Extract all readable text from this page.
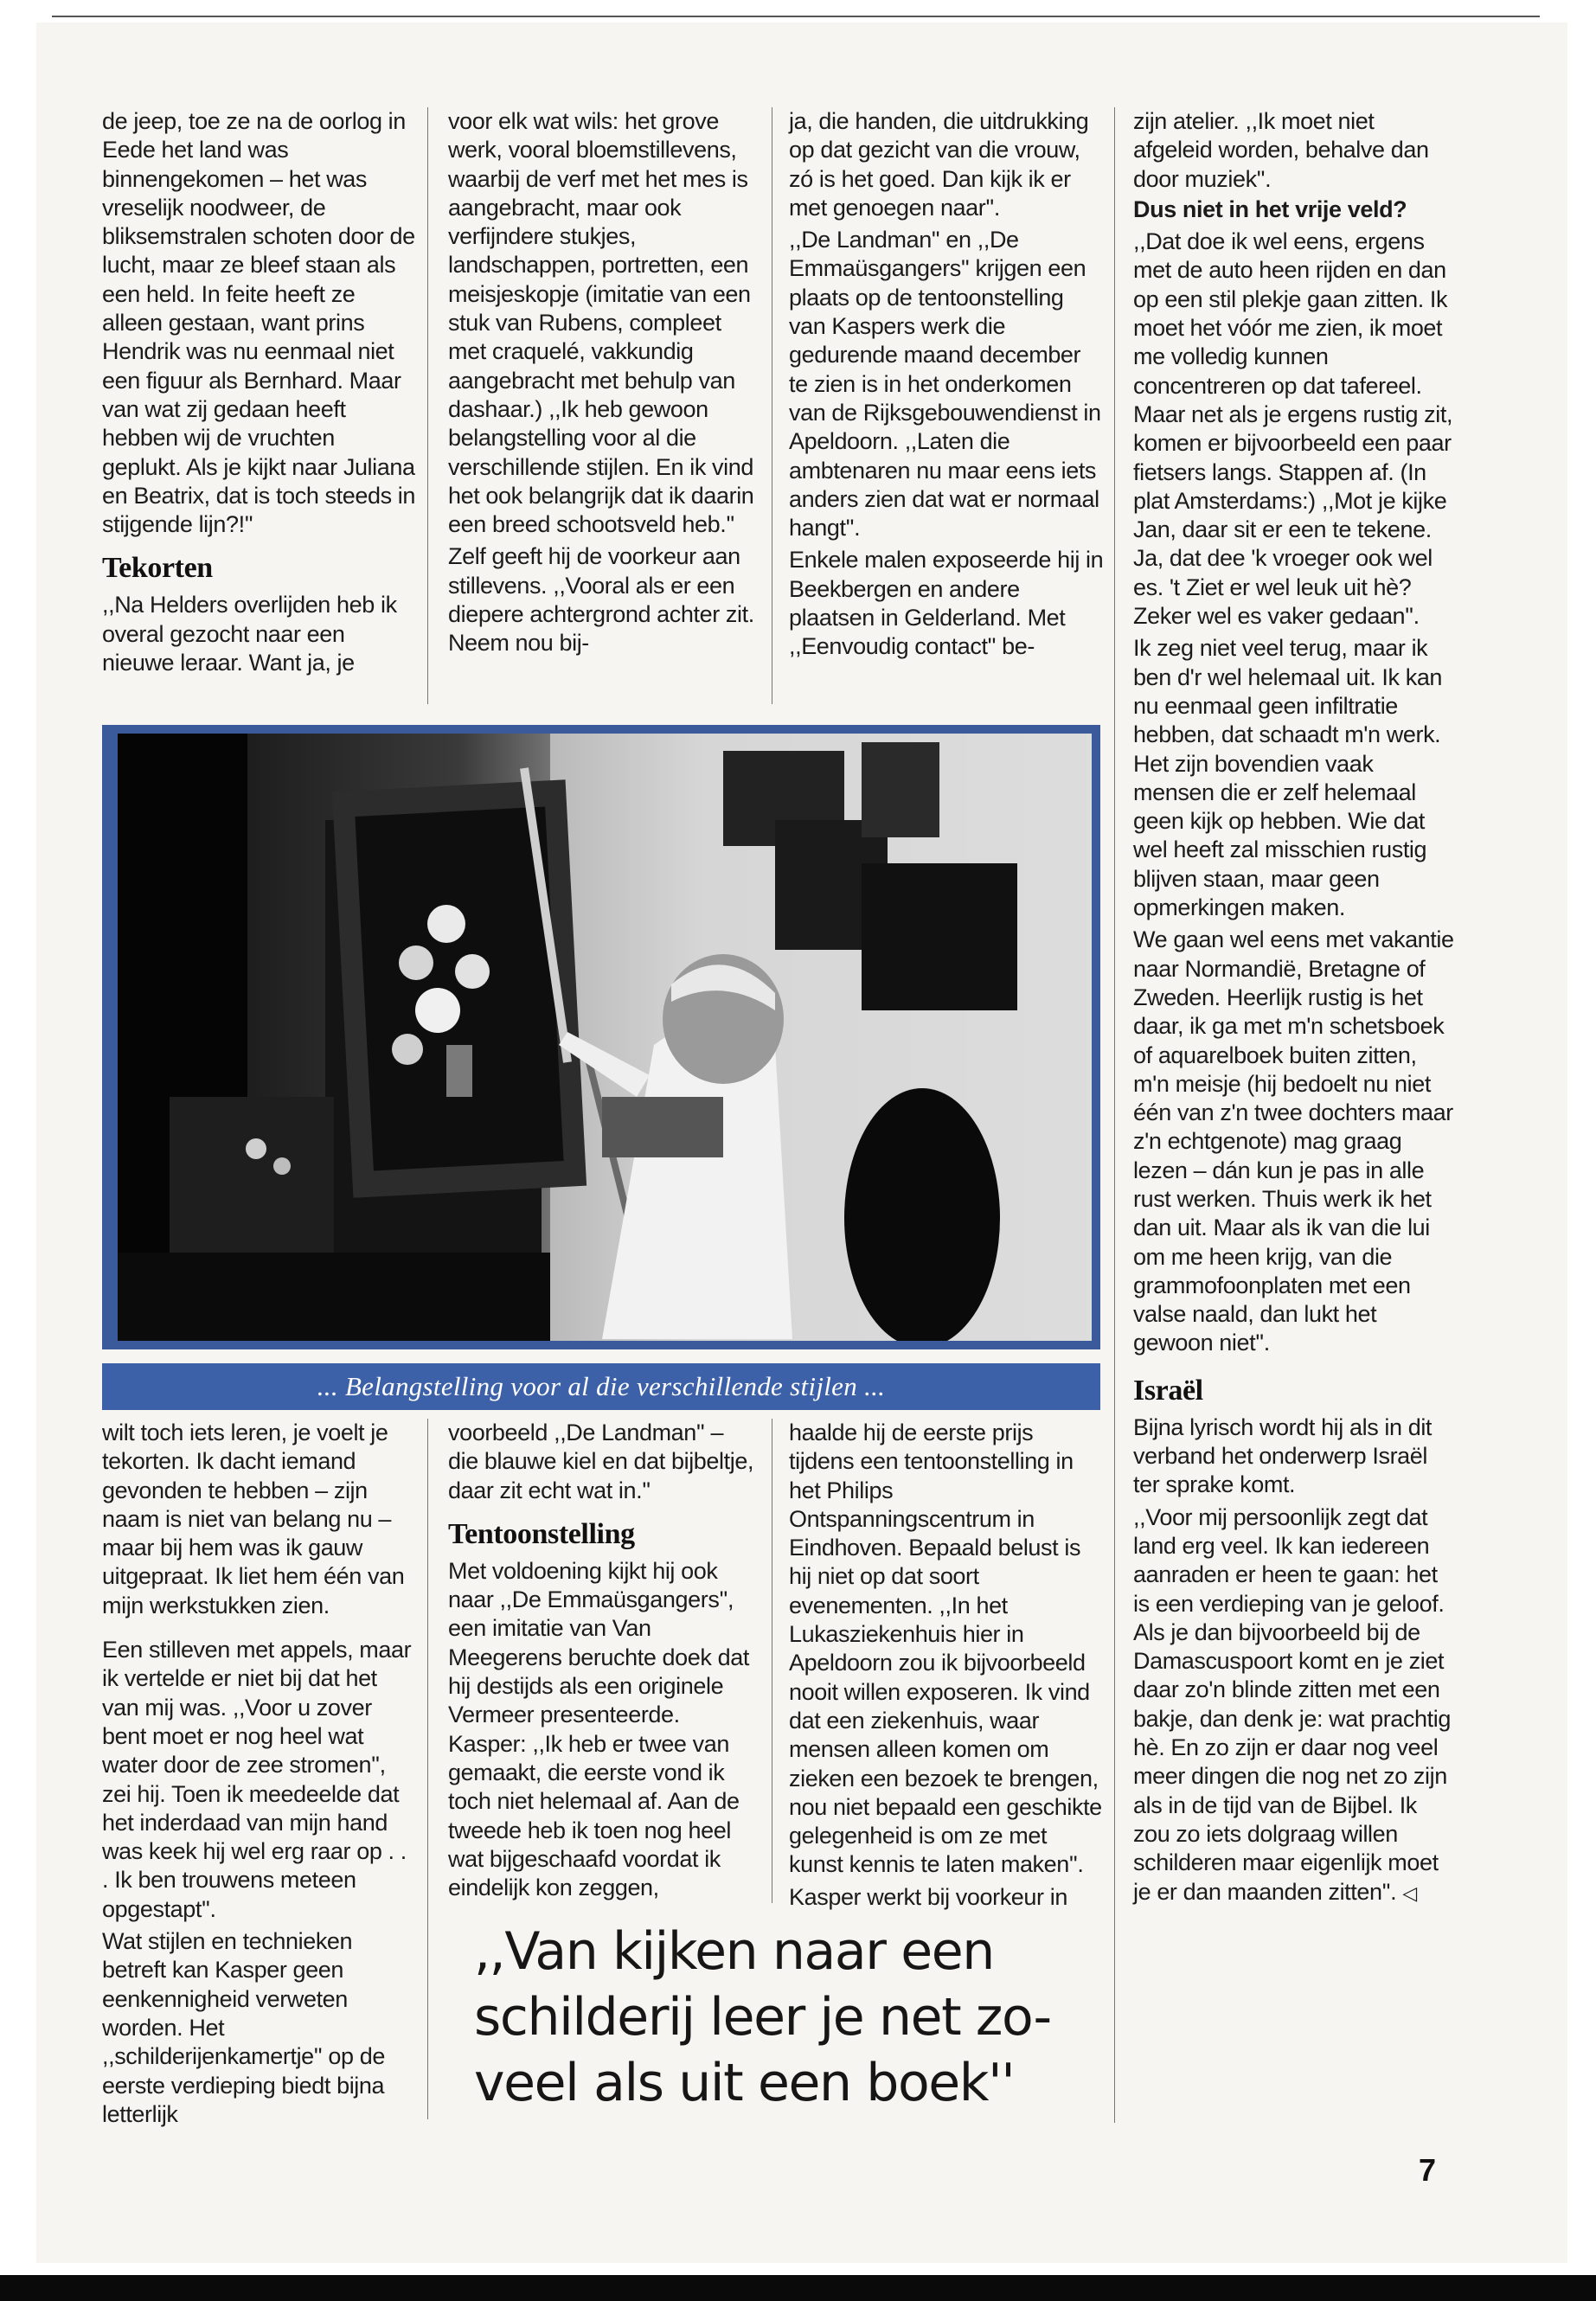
de jeep, toe ze na de oorlog in Eede het land was binnengekomen – het was vreselijk noodweer, de bliksemstralen schoten door de lucht, maar ze bleef staan als een held. In feite heeft ze alleen gestaan, want prins Hendrik was nu eenmaal niet een figuur als Bernhard. Maar van wat zij gedaan heeft hebben wij de vruchten geplukt. Als je kijkt naar Juliana en Beatrix, dat is toch steeds in stijgende lijn?!''

Tekorten

,,Na Helders overlijden heb ik overal gezocht naar een nieuwe leraar. Want ja, je

voor elk wat wils: het grove werk, vooral bloemstillevens, waarbij de verf met het mes is aangebracht, maar ook verfijndere stukjes, landschappen, portretten, een meisjeskopje (imitatie van een stuk van Rubens, compleet met craquelé, vakkundig aangebracht met behulp van dashaar.) ,,Ik heb gewoon belangstelling voor al die verschillende stijlen. En ik vind het ook belangrijk dat ik daarin een breed schootsveld heb.''

Zelf geeft hij de voorkeur aan stillevens. ,,Vooral als er een diepere achtergrond achter zit. Neem nou bij-

ja, die handen, die uitdrukking op dat gezicht van die vrouw, zó is het goed. Dan kijk ik er met genoegen naar''.

,,De Landman'' en ,,De Emmaüsgangers'' krijgen een plaats op de tentoonstelling van Kaspers werk die gedurende maand december te zien is in het onderkomen van de Rijksgebouwendienst in Apeldoorn. ,,Laten die ambtenaren nu maar eens iets anders zien dat wat er normaal hangt''.

Enkele malen exposeerde hij in Beekbergen en andere plaatsen in Gelderland. Met ,,Eenvoudig contact'' be-

zijn atelier. ,,Ik moet niet afgeleid worden, behalve dan door muziek''.

Dus niet in het vrije veld?

,,Dat doe ik wel eens, ergens met de auto heen rijden en dan op een stil plekje gaan zitten. Ik moet het vóór me zien, ik moet me volledig kunnen concentreren op dat tafereel. Maar net als je ergens rustig zit, komen er bijvoorbeeld een paar fietsers langs. Stappen af. (In plat Amsterdams:) ,,Mot je kijke Jan, daar sit er een te tekene. Ja, dat dee 'k vroeger ook wel es. 't Ziet er wel leuk uit hè? Zeker wel es vaker gedaan''.

Ik zeg niet veel terug, maar ik ben d'r wel helemaal uit. Ik kan nu eenmaal geen infiltratie hebben, dat schaadt m'n werk. Het zijn bovendien vaak mensen die er zelf helemaal geen kijk op hebben. Wie dat wel heeft zal misschien rustig blijven staan, maar geen opmerkingen maken.

We gaan wel eens met vakantie naar Normandië, Bretagne of Zweden. Heerlijk rustig is het daar, ik ga met m'n schetsboek of aquarelboek buiten zitten, m'n meisje (hij bedoelt nu niet één van z'n twee dochters maar z'n echtgenote) mag graag lezen – dán kun je pas in alle rust werken. Thuis werk ik het dan uit. Maar als ik van die lui om me heen krijg, van die grammofoonplaten met een valse naald, dan lukt het gewoon niet''.

Israël

Bijna lyrisch wordt hij als in dit verband het onderwerp Israël ter sprake komt.

,,Voor mij persoonlijk zegt dat land erg veel. Ik kan iedereen aanraden er heen te gaan: het is een verdieping van je geloof. Als je dan bijvoorbeeld bij de Damascuspoort komt en je ziet daar zo'n blinde zitten met een bakje, dan denk je: wat prachtig hè. En zo zijn er daar nog veel meer dingen die nog net zo zijn als in de tijd van de Bijbel. Ik zou zo iets dolgraag willen schilderen maar eigenlijk moet je er dan maanden zitten''. ◁

... Belangstelling voor al die verschillende stijlen ...

wilt toch iets leren, je voelt je tekorten. Ik dacht iemand gevonden te hebben – zijn naam is niet van belang nu – maar bij hem was ik gauw uitgepraat. Ik liet hem één van mijn werkstukken zien.

Een stilleven met appels, maar ik vertelde er niet bij dat het van mij was. ,,Voor u zover bent moet er nog heel wat water door de zee stromen'', zei hij. Toen ik meedeelde dat het inderdaad van mijn hand was keek hij wel erg raar op . . . Ik ben trouwens meteen opgestapt''.

Wat stijlen en technieken betreft kan Kasper geen eenkennigheid verweten worden. Het ,,schilderijenkamertje'' op de eerste verdieping biedt bijna letterlijk

voorbeeld ,,De Landman'' – die blauwe kiel en dat bijbeltje, daar zit echt wat in.''

Tentoonstelling

Met voldoening kijkt hij ook naar ,,De Emmaüsgangers'', een imitatie van Van Meegerens beruchte doek dat hij destijds als een originele Vermeer presenteerde. Kasper: ,,Ik heb er twee van gemaakt, die eerste vond ik toch niet helemaal af. Aan de tweede heb ik toen nog heel wat bijgeschaafd voordat ik eindelijk kon zeggen,

haalde hij de eerste prijs tijdens een tentoonstelling in het Philips Ontspanningscentrum in Eindhoven. Bepaald belust is hij niet op dat soort evenementen. ,,In het Lukasziekenhuis hier in Apeldoorn zou ik bijvoorbeeld nooit willen exposeren. Ik vind dat een ziekenhuis, waar mensen alleen komen om zieken een bezoek te brengen, nou niet bepaald een geschikte gelegenheid is om ze met kunst kennis te laten maken''.

Kasper werkt bij voorkeur in

,,Van kijken naar een

schilderij leer je net zo-

veel als uit een boek''

7
